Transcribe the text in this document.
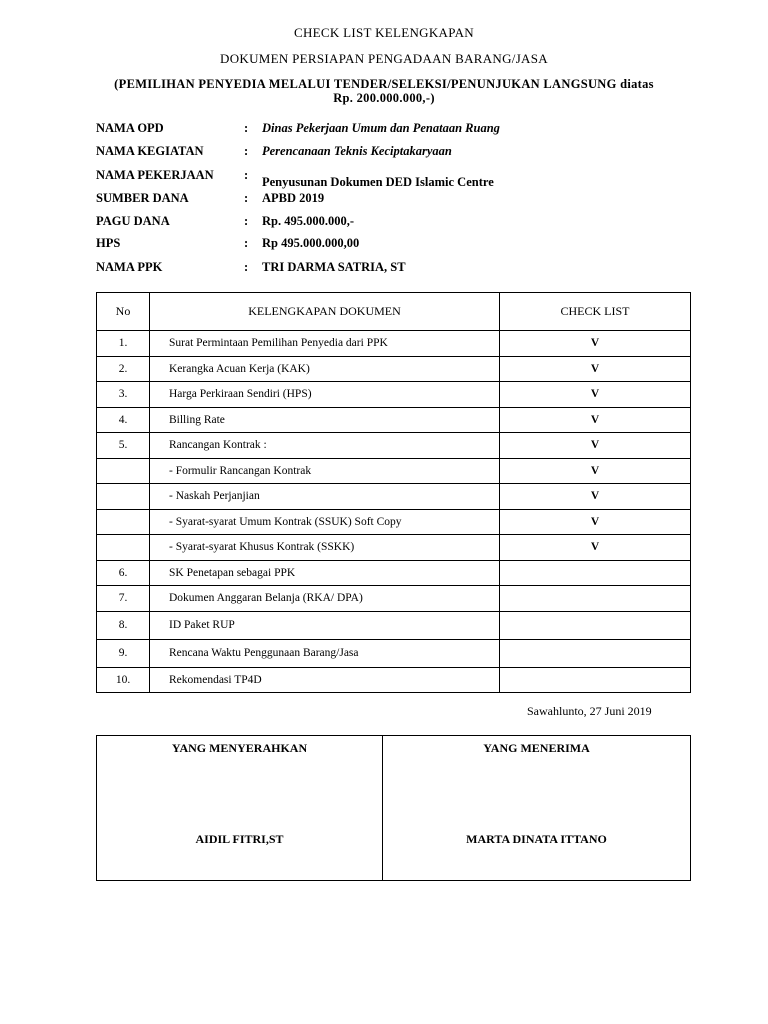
CHECK LIST KELENGKAPAN
DOKUMEN PERSIAPAN PENGADAAN BARANG/JASA
(PEMILIHAN PENYEDIA MELALUI TENDER/SELEKSI/PENUNJUKAN LANGSUNG diatas
Rp. 200.000.000,-)
NAMA OPD	: Dinas Pekerjaan Umum dan Penataan Ruang
NAMA KEGIATAN	: Perencanaan Teknis Keciptakaryaan
NAMA PEKERJAAN	: Penyusunan Dokumen DED Islamic Centre
SUMBER DANA	: APBD 2019
PAGU DANA	: Rp. 495.000.000,-
HPS	: Rp 495.000.000,00
NAMA PPK	: TRI DARMA SATRIA, ST
No	KELENGKAPAN DOKUMEN	CHECK LIST
1.	Surat Permintaan Pemilihan Penyedia dari PPK	V
2.	Kerangka Acuan Kerja (KAK)	V
3.	Harga Perkiraan Sendiri (HPS)	V
4.	Billing Rate	V
5.	Rancangan Kontrak :	V
	- Formulir Rancangan Kontrak	V
	- Naskah Perjanjian	V
	- Syarat-syarat Umum Kontrak (SSUK) Soft Copy	V
	- Syarat-syarat Khusus Kontrak (SSKK)	V
6.	SK Penetapan sebagai PPK	
7.	Dokumen Anggaran Belanja (RKA/ DPA)	
8.	ID Paket RUP	
9.	Rencana Waktu Penggunaan Barang/Jasa	
10.	Rekomendasi TP4D	
Sawahlunto, 27 Juni 2019
YANG MENYERAHKAN
AIDIL FITRI,ST

YANG MENERIMA
MARTA DINATA ITTANO
